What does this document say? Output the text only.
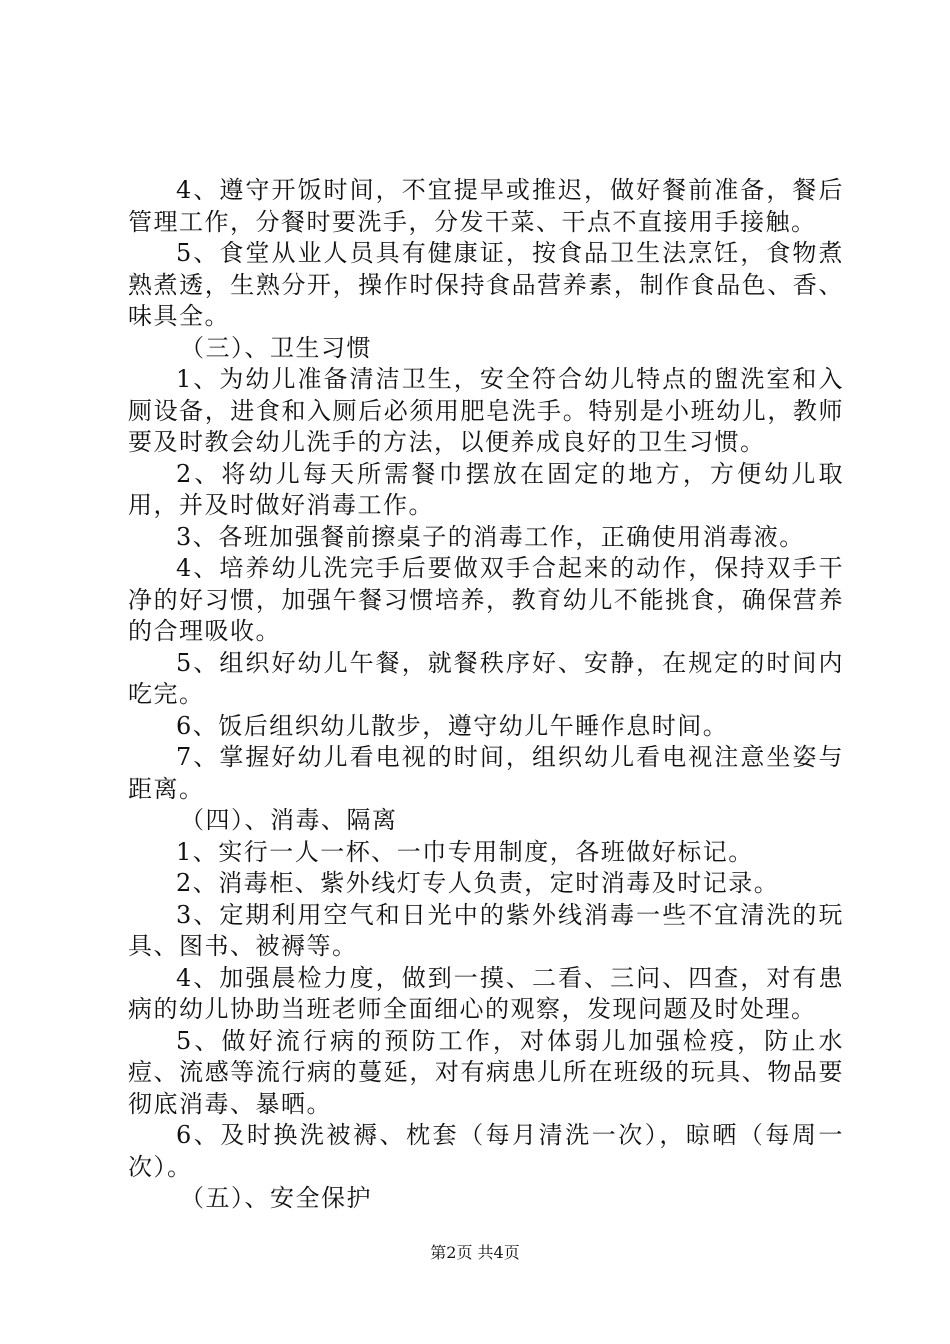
4、遵守开饭时间，不宜提早或推迟，做好餐前准备，餐后管理工作，分餐时要洗手，分发干菜、干点不直接用手接触。

5、食堂从业人员具有健康证，按食品卫生法烹饪，食物煮熟煮透，生熟分开，操作时保持食品营养素，制作食品色、香、味具全。

（三）、卫生习惯

1、为幼儿准备清洁卫生，安全符合幼儿特点的盥洗室和入厕设备，进食和入厕后必须用肥皂洗手。特别是小班幼儿，教师要及时教会幼儿洗手的方法，以便养成良好的卫生习惯。

2、将幼儿每天所需餐巾摆放在固定的地方，方便幼儿取用，并及时做好消毒工作。

3、各班加强餐前擦桌子的消毒工作，正确使用消毒液。

4、培养幼儿洗完手后要做双手合起来的动作，保持双手干净的好习惯，加强午餐习惯培养，教育幼儿不能挑食，确保营养的合理吸收。

5、组织好幼儿午餐，就餐秩序好、安静，在规定的时间内吃完。

6、饭后组织幼儿散步，遵守幼儿午睡作息时间。

7、掌握好幼儿看电视的时间，组织幼儿看电视注意坐姿与距离。

（四）、消毒、隔离

1、实行一人一杯、一巾专用制度，各班做好标记。

2、消毒柜、紫外线灯专人负责，定时消毒及时记录。

3、定期利用空气和日光中的紫外线消毒一些不宜清洗的玩具、图书、被褥等。

4、加强晨检力度，做到一摸、二看、三问、四查，对有患病的幼儿协助当班老师全面细心的观察，发现问题及时处理。

5、做好流行病的预防工作，对体弱儿加强检疫，防止水痘、流感等流行病的蔓延，对有病患儿所在班级的玩具、物品要彻底消毒、暴晒。

6、及时换洗被褥、枕套（每月清洗一次），晾晒（每周一次）。

（五）、安全保护

第2页 共4页
